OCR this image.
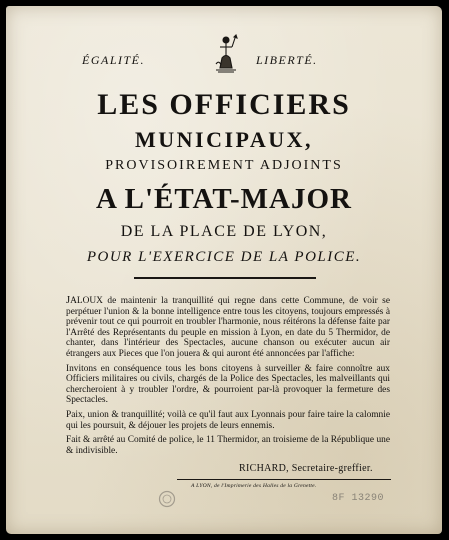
ÉGALITÉ.	LIBERTÉ.
LES OFFICIERS
MUNICIPAUX,
PROVISOIREMENT ADJOINTS
A L'ÉTAT-MAJOR
DE LA PLACE DE LYON,
POUR L'EXERCICE DE LA POLICE.

JALOUX de maintenir la tranquillité qui regne dans cette Commune, de voir se perpétuer l'union & la bonne intelligence entre tous les citoyens, toujours empressés à prévenir tout ce qui pourroit en troubler l'harmonie, nous réitérons la défense faite par l'Arrêté des Représentants du peuple en mission à Lyon, en date du 5 Thermidor, de chanter, dans l'intérieur des Spectacles, aucune chanson ou exécuter aucun air étrangers aux Pieces que l'on jouera & qui auront été annoncées par l'affiche:

Invitons en conséquence tous les bons citoyens à surveiller & faire connoître aux Officiers militaires ou civils, chargés de la Police des Spectacles, les malveillants qui chercheroient à y troubler l'ordre, & pourroient par-là provoquer la fermeture des Spectacles.

Paix, union & tranquillité; voilà ce qu'il faut aux Lyonnais pour faire taire la calomnie qui les poursuit, & déjouer les projets de leurs ennemis.

Fait & arrêté au Comité de police, le 11 Thermidor, an troisieme de la République une & indivisible.

RICHARD, Secretaire-greffier.
A LYON, de l'Imprimerie des Halles de la Grenette.
8F 13290
